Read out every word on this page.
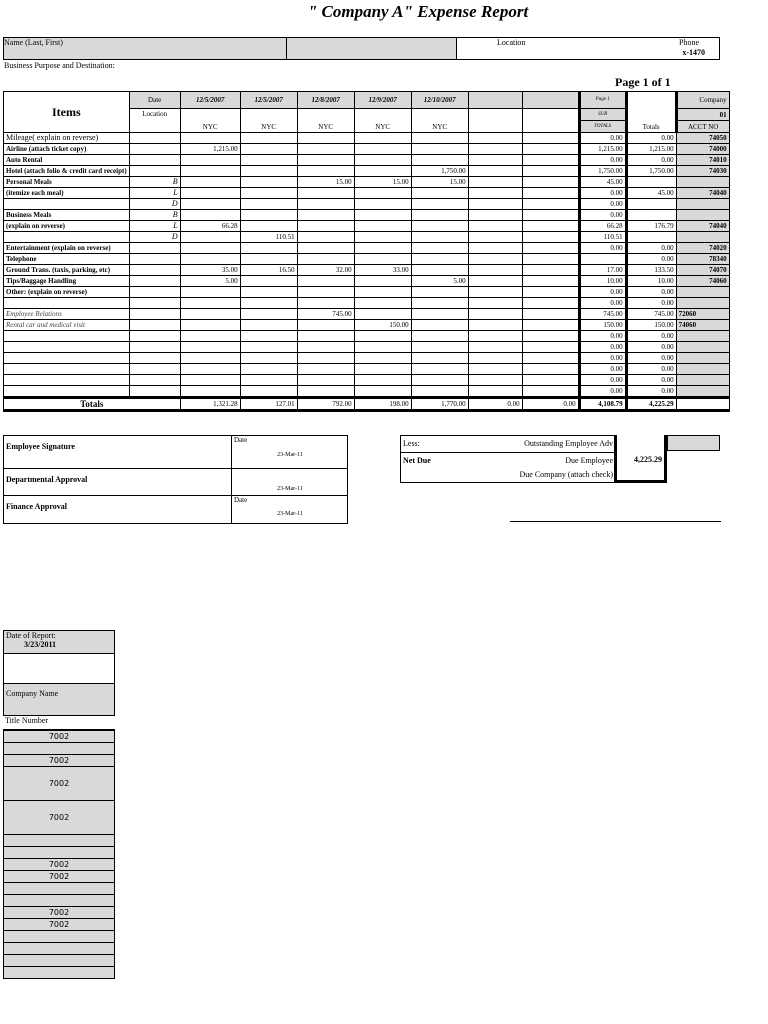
" Company A" Expense Report
Name (Last, First)	Location	Phone
x-1470
Business Purpose and Destination:
Page 1 of 1
Items	Date	12/5/2007	12/5/2007	12/8/2007	12/9/2007	12/10/2007			Page 1	Totals	Company
	Location	NYC	NYC	NYC	NYC	NYC			SUB		01
									TOTALS		ACCT NO
Mileage( explain on reverse)									0.00	0.00	74050
Airline (attach ticket copy)		1,215.00							1,215.00	1,215.00	74000
Auto Rental									0.00	0.00	74010
Hotel (attach folio & credit card receipt)						1,750.00			1,750.00	1,750.00	74030
Personal Meals	B			15.00	15.00	15.00			45.00		
(itemize each meal)	L								0.00	45.00	74040
	D								0.00		
Business Meals	B								0.00		
(explain on reverse)	L	66.28							66.28	176.79	74040
	D		110.51						110.51		
Entertainment (explain on reverse)									0.00	0.00	74020
Telephone										0.00	78340
Ground Trans. (taxis, parking, etc)		35.00	16.50	32.00	33.00				17.00	133.50	74070
Tips/Baggage Handling		5.00				5.00			10.00	10.00	74060
Other: (explain on reverse)									0.00	0.00	
									0.00	0.00	
Employee Relations				745.00					745.00	745.00	72060
Rental car and medical visit					150.00				150.00	150.00	74060
									0.00	0.00	
									0.00	0.00	
									0.00	0.00	
									0.00	0.00	
									0.00	0.00	
									0.00	0.00	
Totals		1,321.28	127.01	792.00	198.00	1,770.00	0.00	0.00	4,108.79	4,225.29	
Employee Signature
Date
23-Mar-11
Departmental Approval
23-Mar-11
Finance Approval
Date
23-Mar-11
Less:	Outstanding Employee Adv
Net Due	Due Employee
Due Company (attach check)
4,225.29
Date of Report:
3/23/2011
Company Name
Title Number
7002

7002
7002
7002

7002
7002

7002
7002
